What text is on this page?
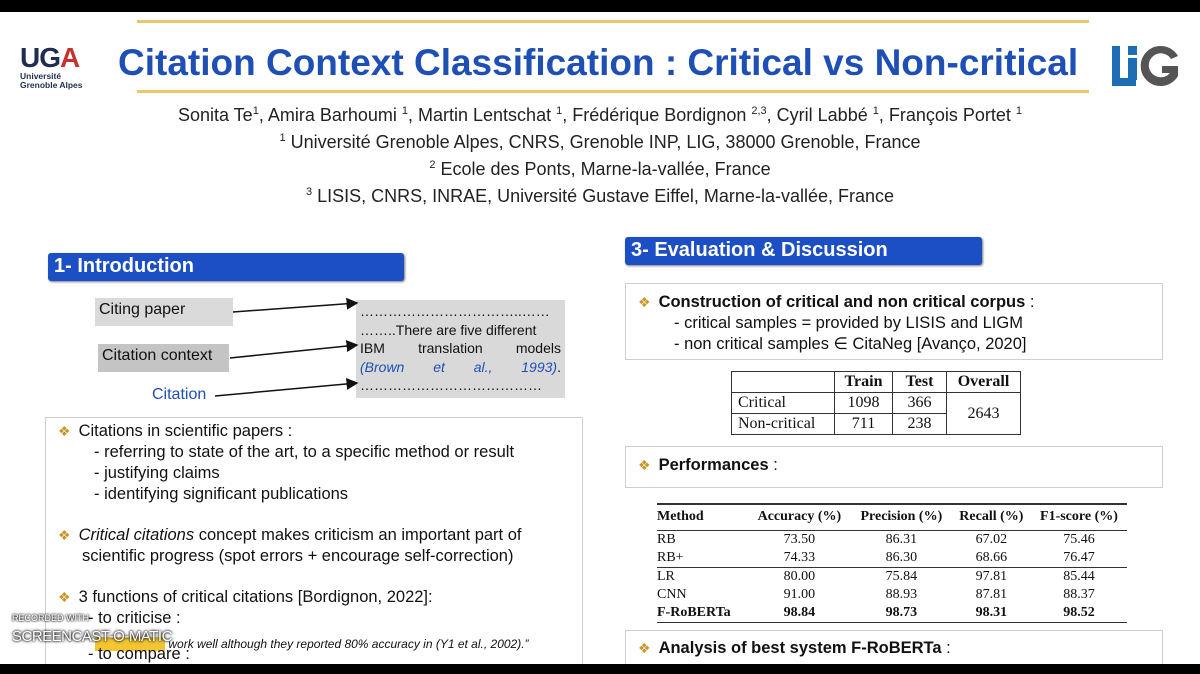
UGA
Université
Grenoble Alpes
Citation Context Classification : Critical vs Non-critical
Sonita Te$^1$, Amira Barhoumi $^1$, Martin Lentschat $^1$, Frédérique Bordignon $^{2,3}$, Cyril Labbé $^1$, François Portet $^1$
$^1$ Université Grenoble Alpes, CNRS, Grenoble INP, LIG, 38000 Grenoble, France
$^2$ Ecole des Ponts, Marne-la-vallée, France
$^3$ LISIS, CNRS, INRAE, Université Gustave Eiffel, Marne-la-vallée, France
1- Introduction
Citing paper
Citation context
Citation
……………………………..……
……..There are five different
IBM translation models
(Brown et al., 1993).
…………………………………
❖ Citations in scientific papers :
- referring to state of the art, to a specific method or result
- justifying claims
- identifying significant publications
❖ Critical citations concept makes criticism an important part of
scientific progress (spot errors + encourage self-correction)
❖ 3 functions of critical citations [Bordignon, 2022]:
- to criticise :
work well although they reported 80% accuracy in (Y1 et al., 2002).”
- to compare :
3- Evaluation & Discussion
❖ Construction of critical and non critical corpus :
- critical samples = provided by LISIS and LIGM
- non critical samples ∈ CitaNeg [Avanço, 2020]
	Train	Test	Overall
Critical	1098	366	2643
Non-critical	711	238	
❖ Performances :
Method	Accuracy (%)	Precision (%)	Recall (%)	F1-score (%)
RB	73.50	86.31	67.02	75.46
RB+	74.33	86.30	68.66	76.47
LR	80.00	75.84	97.81	85.44
CNN	91.00	88.93	87.81	88.37
F-RoBERTa	98.84	98.73	98.31	98.52
❖ Analysis of best system F-RoBERTa :
RECORDED WITH
SCREENCAST-O-MATIC
